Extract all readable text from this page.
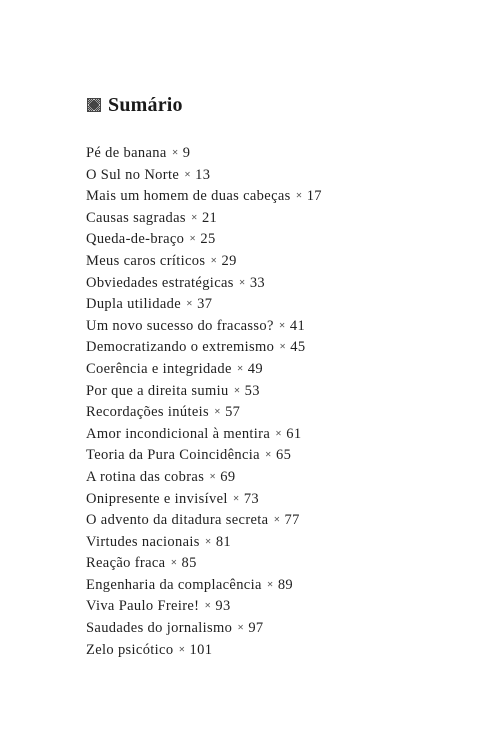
Sumário
Pé de banana ✕ 9
O Sul no Norte ✕ 13
Mais um homem de duas cabeças ✕ 17
Causas sagradas ✕ 21
Queda-de-braço ✕ 25
Meus caros críticos ✕ 29
Obviedades estratégicas ✕ 33
Dupla utilidade ✕ 37
Um novo sucesso do fracasso? ✕ 41
Democratizando o extremismo ✕ 45
Coerência e integridade ✕ 49
Por que a direita sumiu ✕ 53
Recordações inúteis ✕ 57
Amor incondicional à mentira ✕ 61
Teoria da Pura Coincidência ✕ 65
A rotina das cobras ✕ 69
Onipresente e invisível ✕ 73
O advento da ditadura secreta ✕ 77
Virtudes nacionais ✕ 81
Reação fraca ✕ 85
Engenharia da complacência ✕ 89
Viva Paulo Freire! ✕ 93
Saudades do jornalismo ✕ 97
Zelo psicótico ✕ 101
